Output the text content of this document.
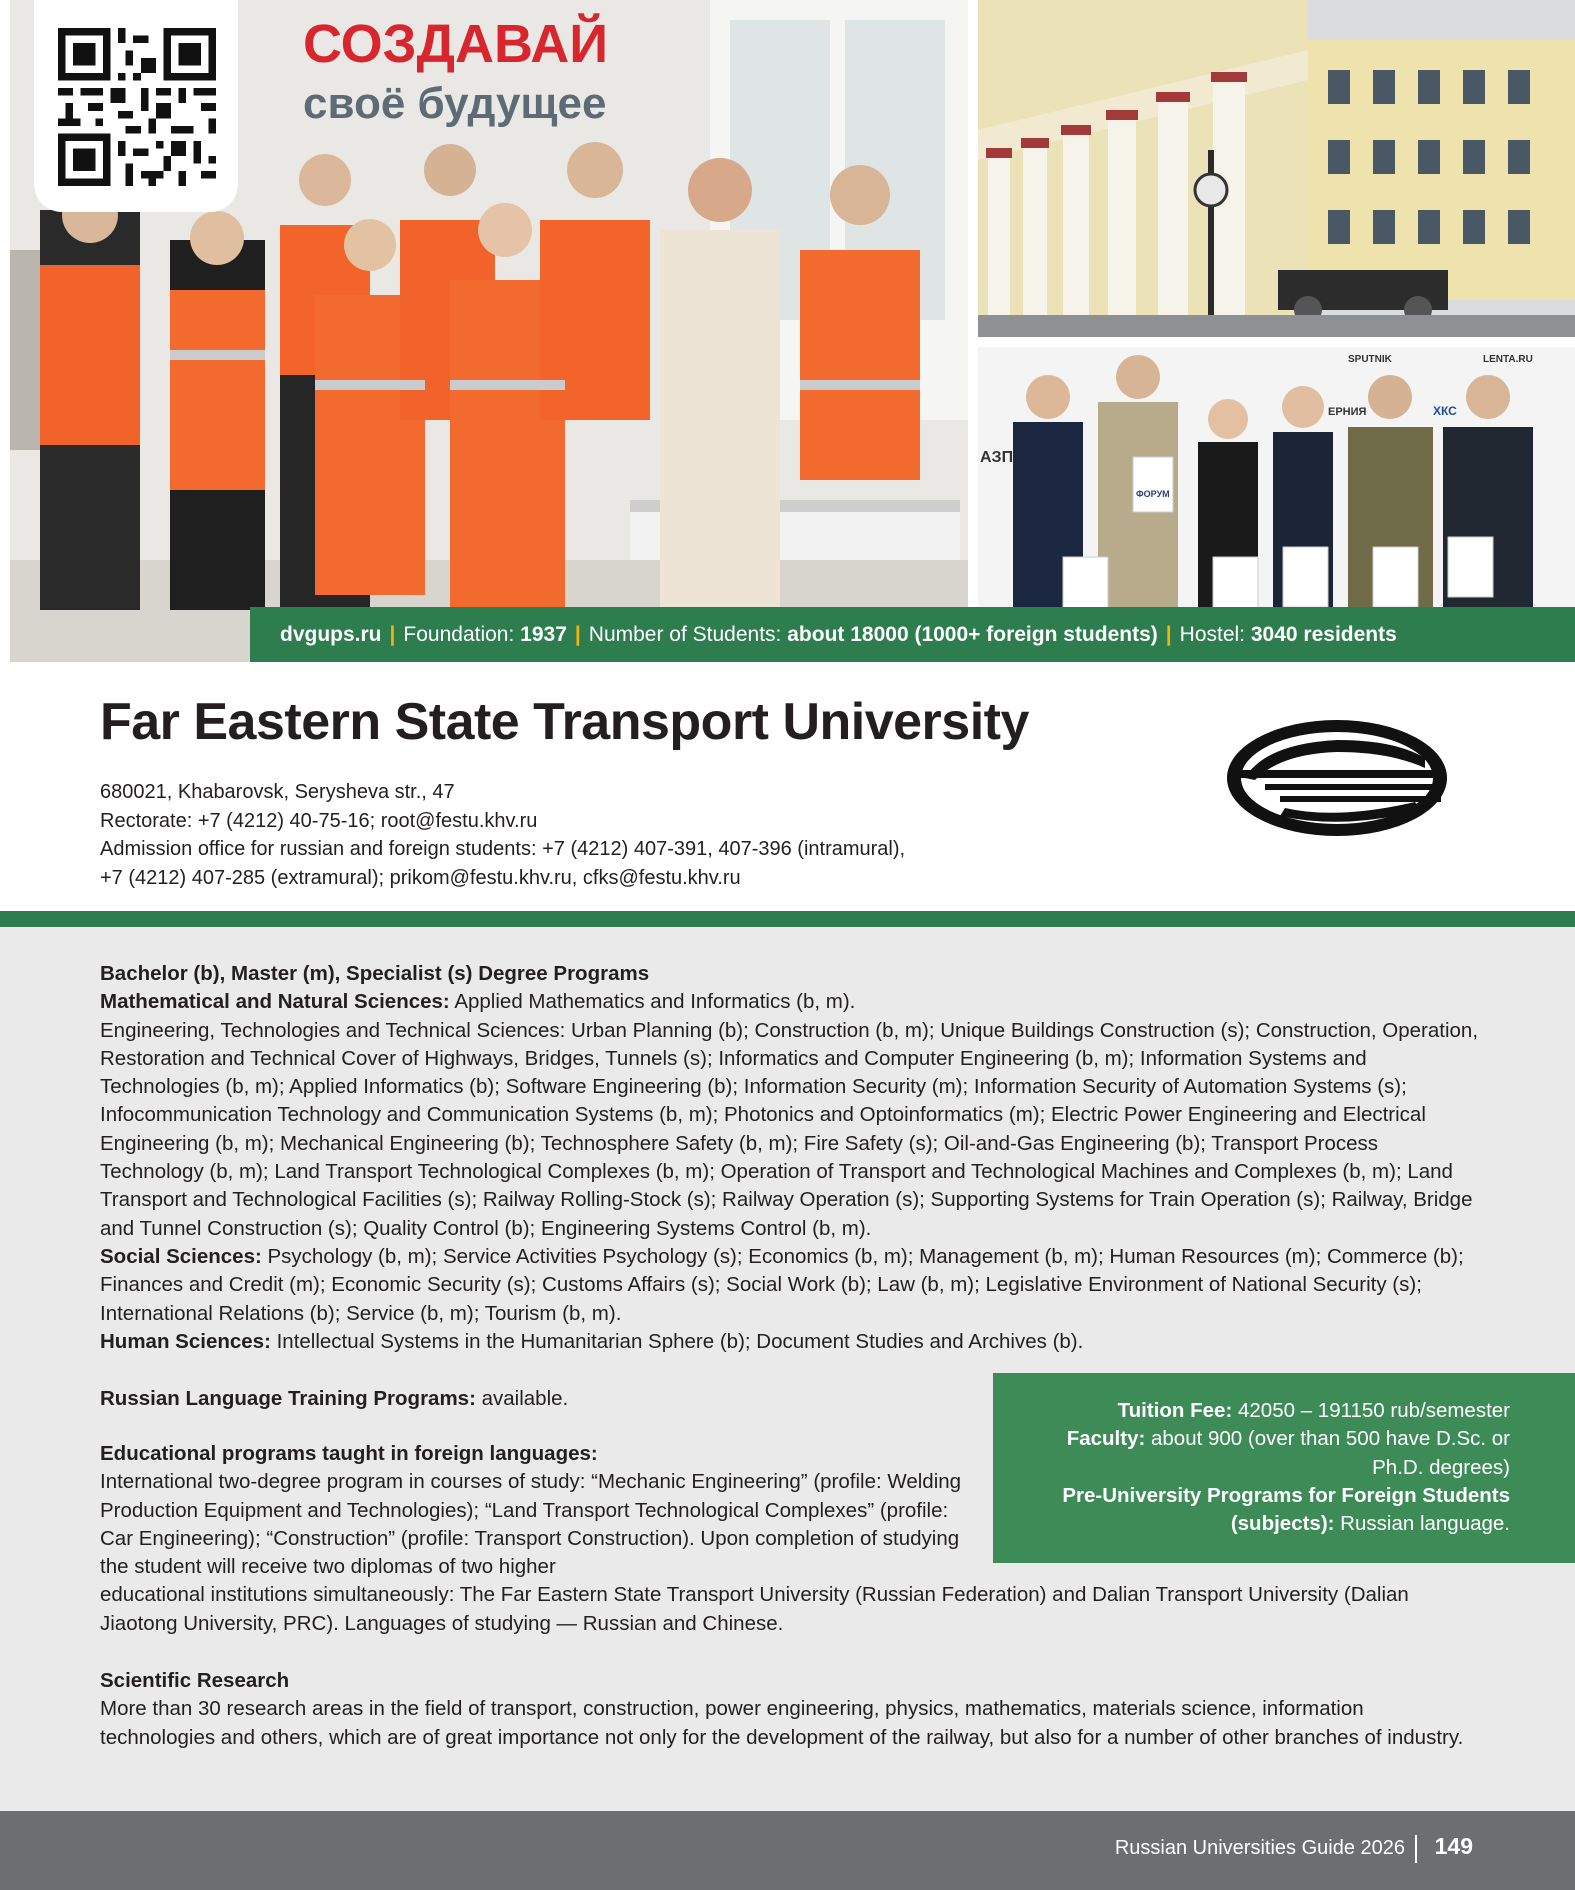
СОЗДАВАЙ
своё будущее
SPUTNIK	LENTA.RU
ХКС
ЕРНИЯ
АЗП
ФОРУМ
dvgups.ru | Foundation: 1937 | Number of Students: about 18000 (1000+ foreign students) | Hostel: 3040 residents
Far Eastern State Transport University
680021, Khabarovsk, Serysheva str., 47
Rectorate: +7 (4212) 40-75-16; root@festu.khv.ru
Admission office for russian and foreign students: +7 (4212) 407-391, 407-396 (intramural),
+7 (4212) 407-285 (extramural); prikom@festu.khv.ru, cfks@festu.khv.ru

Bachelor (b), Master (m), Specialist (s) Degree Programs

Mathematical and Natural Sciences: Applied Mathematics and Informatics (b, m).

Engineering, Technologies and Technical Sciences: Urban Planning (b); Construction (b, m); Unique Buildings Construction (s); Construction, Operation, Restoration and Technical Cover of Highways, Bridges, Tunnels (s); Informatics and Computer Engineering (b, m); Information Systems and Technologies (b, m); Applied Informatics (b); Software Engineering (b); Information Security (m); Information Security of Automation Systems (s); Infocommunication Technology and Communication Systems (b, m); Photonics and Optoinformatics (m); Electric Power Engineering and Electrical Engineering (b, m); Mechanical Engineering (b); Technosphere Safety (b, m); Fire Safety (s); Oil-and-Gas Engineering (b); Transport Process Technology (b, m); Land Transport Technological Complexes (b, m); Operation of Transport and Technological Machines and Complexes (b, m); Land Transport and Technological Facilities (s); Railway Rolling-Stock (s); Railway Operation (s); Supporting Systems for Train Operation (s); Railway, Bridge and Tunnel Construction (s); Quality Control (b); Engineering Systems Control (b, m).

Social Sciences: Psychology (b, m); Service Activities Psychology (s); Economics (b, m); Management (b, m); Human Resources (m); Commerce (b); Finances and Credit (m); Economic Security (s); Customs Affairs (s); Social Work (b); Law (b, m); Legislative Environment of National Security (s); International Relations (b); Service (b, m); Tourism (b, m).

Human Sciences: Intellectual Systems in the Humanitarian Sphere (b); Document Studies and Archives (b).

Russian Language Training Programs: available.

Educational programs taught in foreign languages:

International two-degree program in courses of study: “Mechanic Engineering” (profile: Welding Production Equipment and Technologies); “Land Transport Technological Complexes” (profile: Car Engineering); “Construction” (profile: Transport Construction). Upon completion of studying the student will receive two diplomas of two higher

educational institutions simultaneously: The Far Eastern State Transport University (Russian Federation) and Dalian Transport University (Dalian Jiaotong University, PRC). Languages of studying — Russian and Chinese.

Tuition Fee: 42050 – 191150 rub/semester
Faculty: about 900 (over than 500 have D.Sc. or Ph.D. degrees)
Pre-University Programs for Foreign Students (subjects): Russian language.

Scientific Research

More than 30 research areas in the field of transport, construction, power engineering, physics, mathematics, materials science, information technologies and others, which are of great importance not only for the development of the railway, but also for a number of other branches of industry.

Russian Universities Guide 2026 149
